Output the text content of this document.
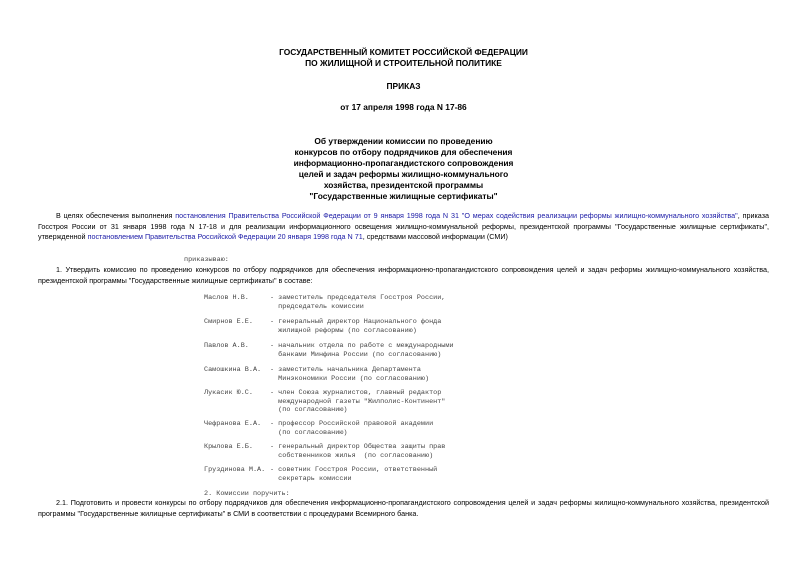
ГОСУДАРСТВЕННЫЙ КОМИТЕТ РОССИЙСКОЙ ФЕДЕРАЦИИ
ПО ЖИЛИЩНОЙ И СТРОИТЕЛЬНОЙ ПОЛИТИКЕ
ПРИКАЗ
от 17 апреля 1998 года N 17-86
Об утверждении комиссии по проведению
конкурсов по отбору подрядчиков для обеспечения
информационно-пропагандистского сопровождения
целей и задач реформы жилищно-коммунального
хозяйства, президентской программы
"Государственные жилищные сертификаты"
В целях обеспечения выполнения постановления Правительства Российской Федерации от 9 января 1998 года N 31 "О мерах содействия реализации реформы жилищно-коммунального хозяйства", приказа Госстроя России от 31 января 1998 года N 17-18 и для реализации информационного освещения жилищно-коммунальной реформы, президентской программы "Государственные жилищные сертификаты", утвержденной постановлением Правительства Российской Федерации 20 января 1998 года N 71, средствами массовой информации (СМИ)
приказываю:
1. Утвердить комиссию по проведению конкурсов по отбору подрядчиков для обеспечения информационно-пропагандистского сопровождения целей и задач реформы жилищно-коммунального хозяйства, президентской программы "Государственные жилищные сертификаты" в составе:
Маслов Н.В.	- заместитель председателя Госстроя России,
председатель комиссии
Смирнов Е.Е.	- генеральный директор Национального фонда
жилищной реформы (по согласованию)
Павлов А.В.	- начальник отдела по работе с международными
банками Минфина России (по согласованию)
Самошкина В.А. - заместитель начальника Департамента
Минэкономики России (по согласованию)
Лукасик Ю.С.	- член Союза журналистов, главный редактор
международной газеты "Жилполис-Континент"
(по согласованию)
Чефранова Е.А. - профессор Российской правовой академии
(по согласованию)
Крылова Е.Б.	- генеральный директор Общества защиты прав
собственников жилья  (по согласованию)
Груздинова М.А. - советник Госстроя России, ответственный
секретарь комиссии
2. Комиссии поручить:
2.1. Подготовить и провести конкурсы по отбору подрядчиков для обеспечения информационно-пропагандистского сопровождения целей и задач реформы жилищно-коммунального хозяйства, президентской программы "Государственные жилищные сертификаты" в СМИ в соответствии с процедурами Всемирного банка.
